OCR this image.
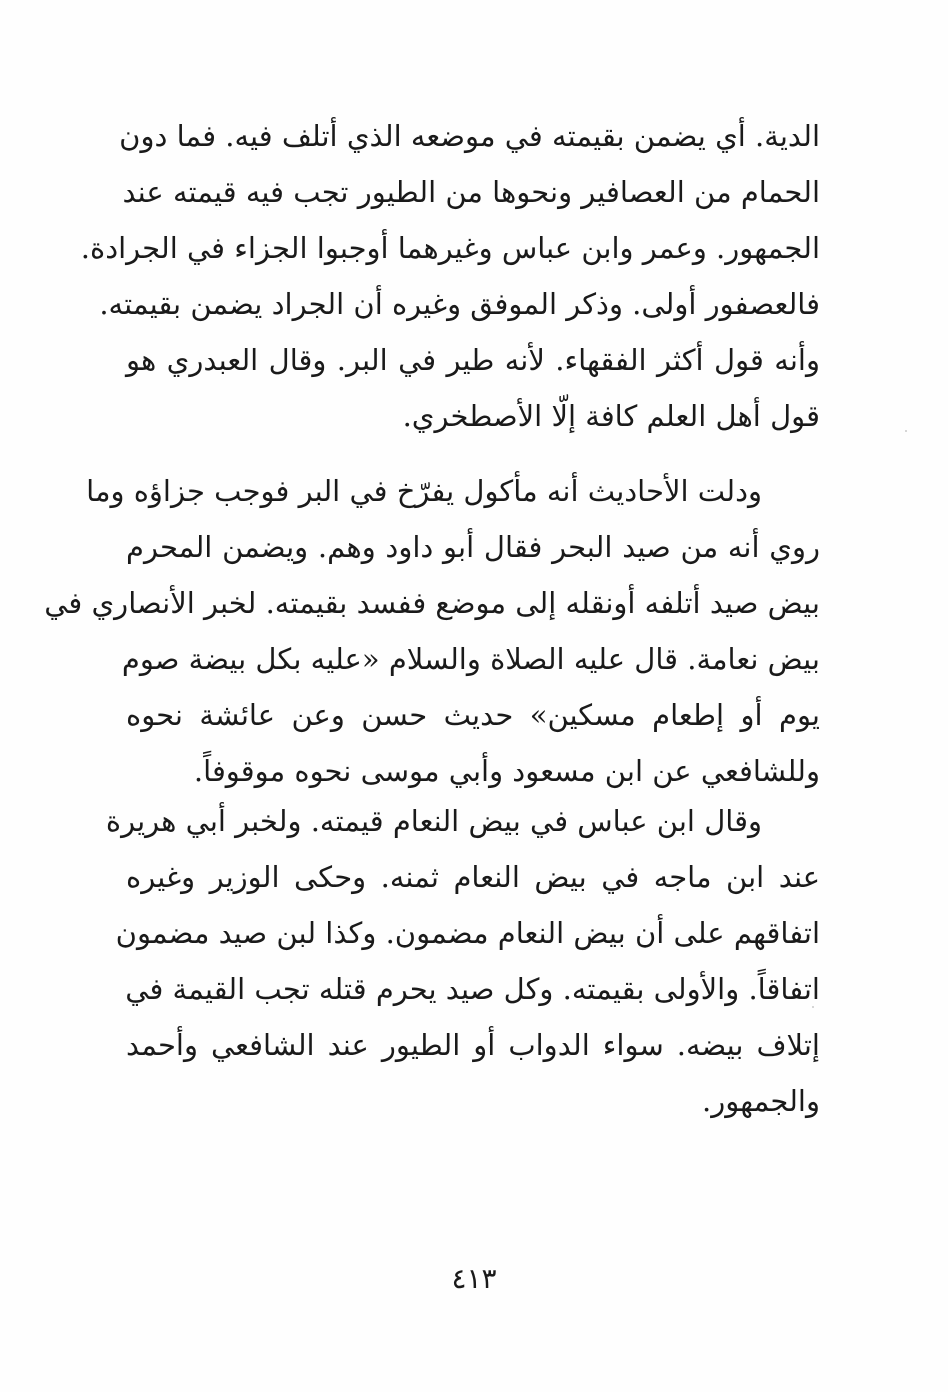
الدية. أي يضمن بقيمته في موضعه الذي أتلف فيه. فما دون
الحمام من العصافير ونحوها من الطيور تجب فيه قيمته عند
الجمهور. وعمر وابن عباس وغيرهما أوجبوا الجزاء في الجرادة.
فالعصفور أولى. وذكر الموفق وغيره أن الجراد يضمن بقيمته.
وأنه قول أكثر الفقهاء. لأنه طير في البر. وقال العبدري هو
قول أهل العلم كافة إلّا الأصطخري.
ودلت الأحاديث أنه مأكول يفرّخ في البر فوجب جزاؤه وما
روي أنه من صيد البحر فقال أبو داود وهم. ويضمن المحرم
بيض صيد أتلفه أونقله إلى موضع ففسد بقيمته. لخبر الأنصاري في
بيض نعامة. قال عليه الصلاة والسلام «عليه بكل بيضة صوم
يوم أو إطعام مسكين» حديث حسن وعن عائشة نحوه
وللشافعي عن ابن مسعود وأبي موسى نحوه موقوفاً.
وقال ابن عباس في بيض النعام قيمته. ولخبر أبي هريرة
عند ابن ماجه في بيض النعام ثمنه. وحكى الوزير وغيره
اتفاقهم على أن بيض النعام مضمون. وكذا لبن صيد مضمون
اتفاقاً. والأولى بقيمته. وكل صيد يحرم قتله تجب القيمة في
إتلاف بيضه. سواء الدواب أو الطيور عند الشافعي وأحمد
والجمهور.
٤١٣
